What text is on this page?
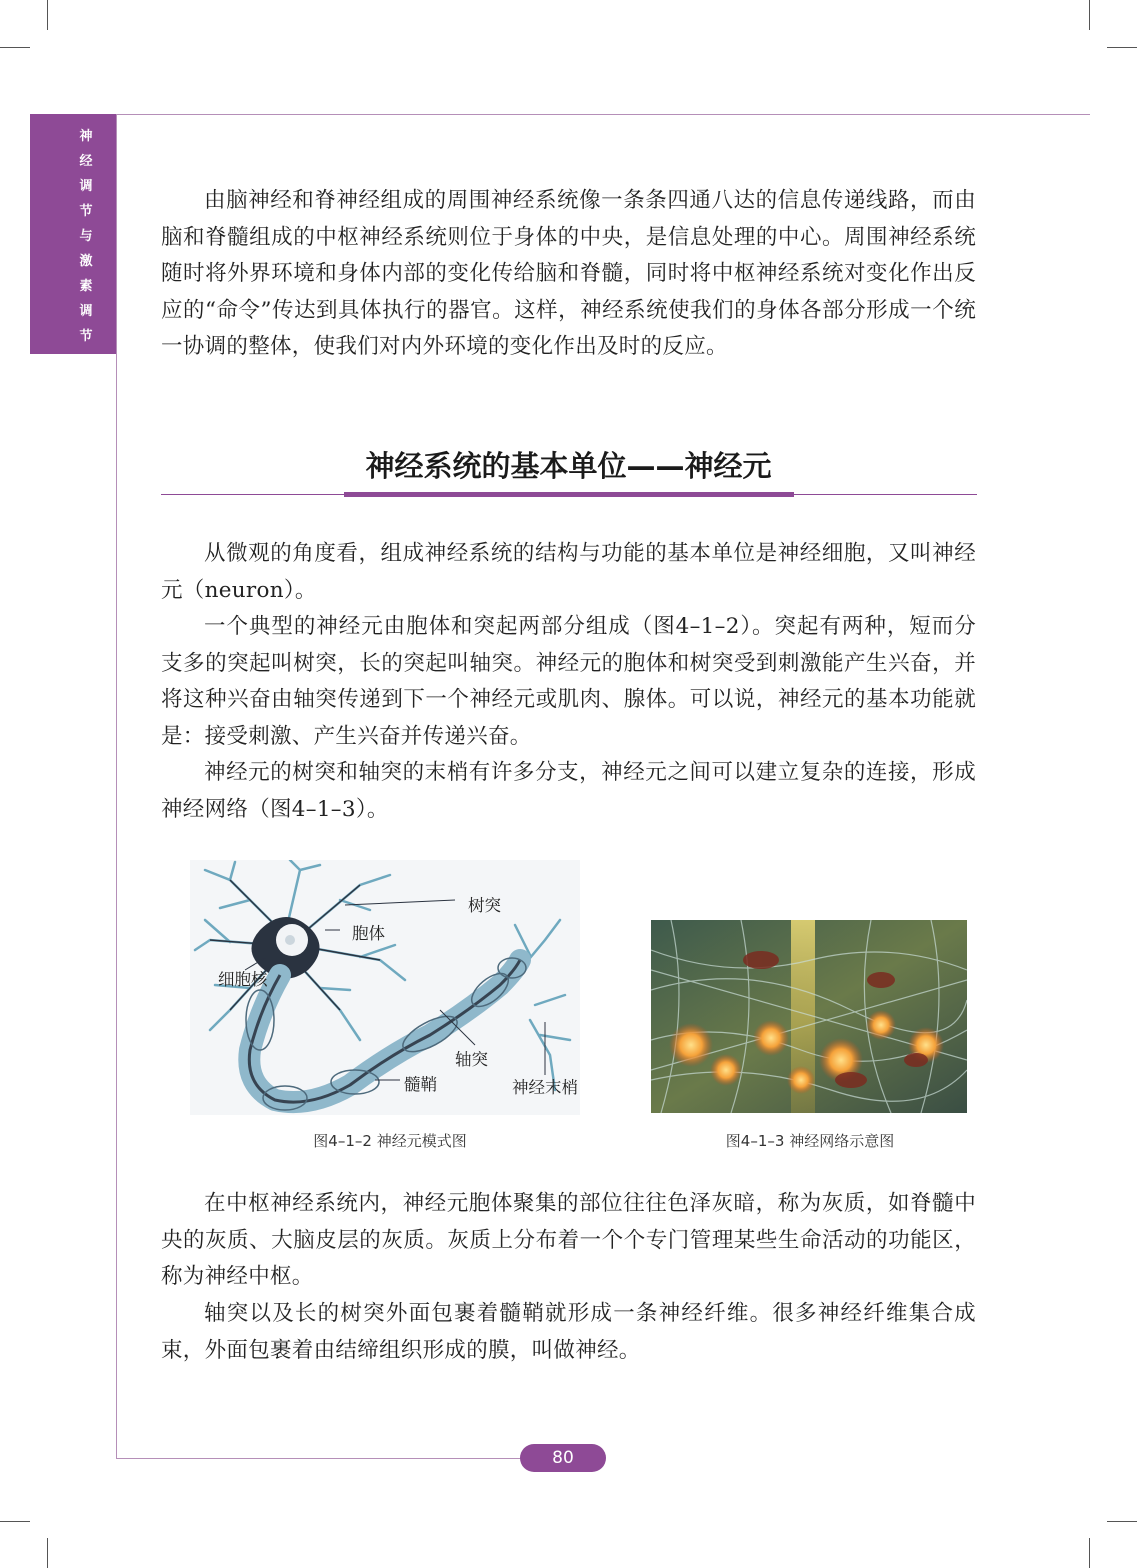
神经调节与激素调节

由脑神经和脊神经组成的周围神经系统像一条条四通八达的信息传递线路，而由脑和脊髓组成的中枢神经系统则位于身体的中央，是信息处理的中心。周围神经系统随时将外界环境和身体内部的变化传给脑和脊髓，同时将中枢神经系统对变化作出反应的“命令”传达到具体执行的器官。这样，神经系统使我们的身体各部分形成一个统一协调的整体，使我们对内外环境的变化作出及时的反应。

神经系统的基本单位——神经元

从微观的角度看，组成神经系统的结构与功能的基本单位是神经细胞，又叫神经元（neuron）。

一个典型的神经元由胞体和突起两部分组成（图4–1–2）。突起有两种，短而分支多的突起叫树突，长的突起叫轴突。神经元的胞体和树突受到刺激能产生兴奋，并将这种兴奋由轴突传递到下一个神经元或肌肉、腺体。可以说，神经元的基本功能就是：接受刺激、产生兴奋并传递兴奋。

神经元的树突和轴突的末梢有许多分支，神经元之间可以建立复杂的连接，形成神经网络（图4–1–3）。

树突
胞体
细胞核
轴突
髓鞘	神经末梢
图4–1–2 神经元模式图	图4–1–3 神经网络示意图

在中枢神经系统内，神经元胞体聚集的部位往往色泽灰暗，称为灰质，如脊髓中央的灰质、大脑皮层的灰质。灰质上分布着一个个专门管理某些生命活动的功能区，称为神经中枢。

轴突以及长的树突外面包裹着髓鞘就形成一条神经纤维。很多神经纤维集合成束，外面包裹着由结缔组织形成的膜，叫做神经。

80
